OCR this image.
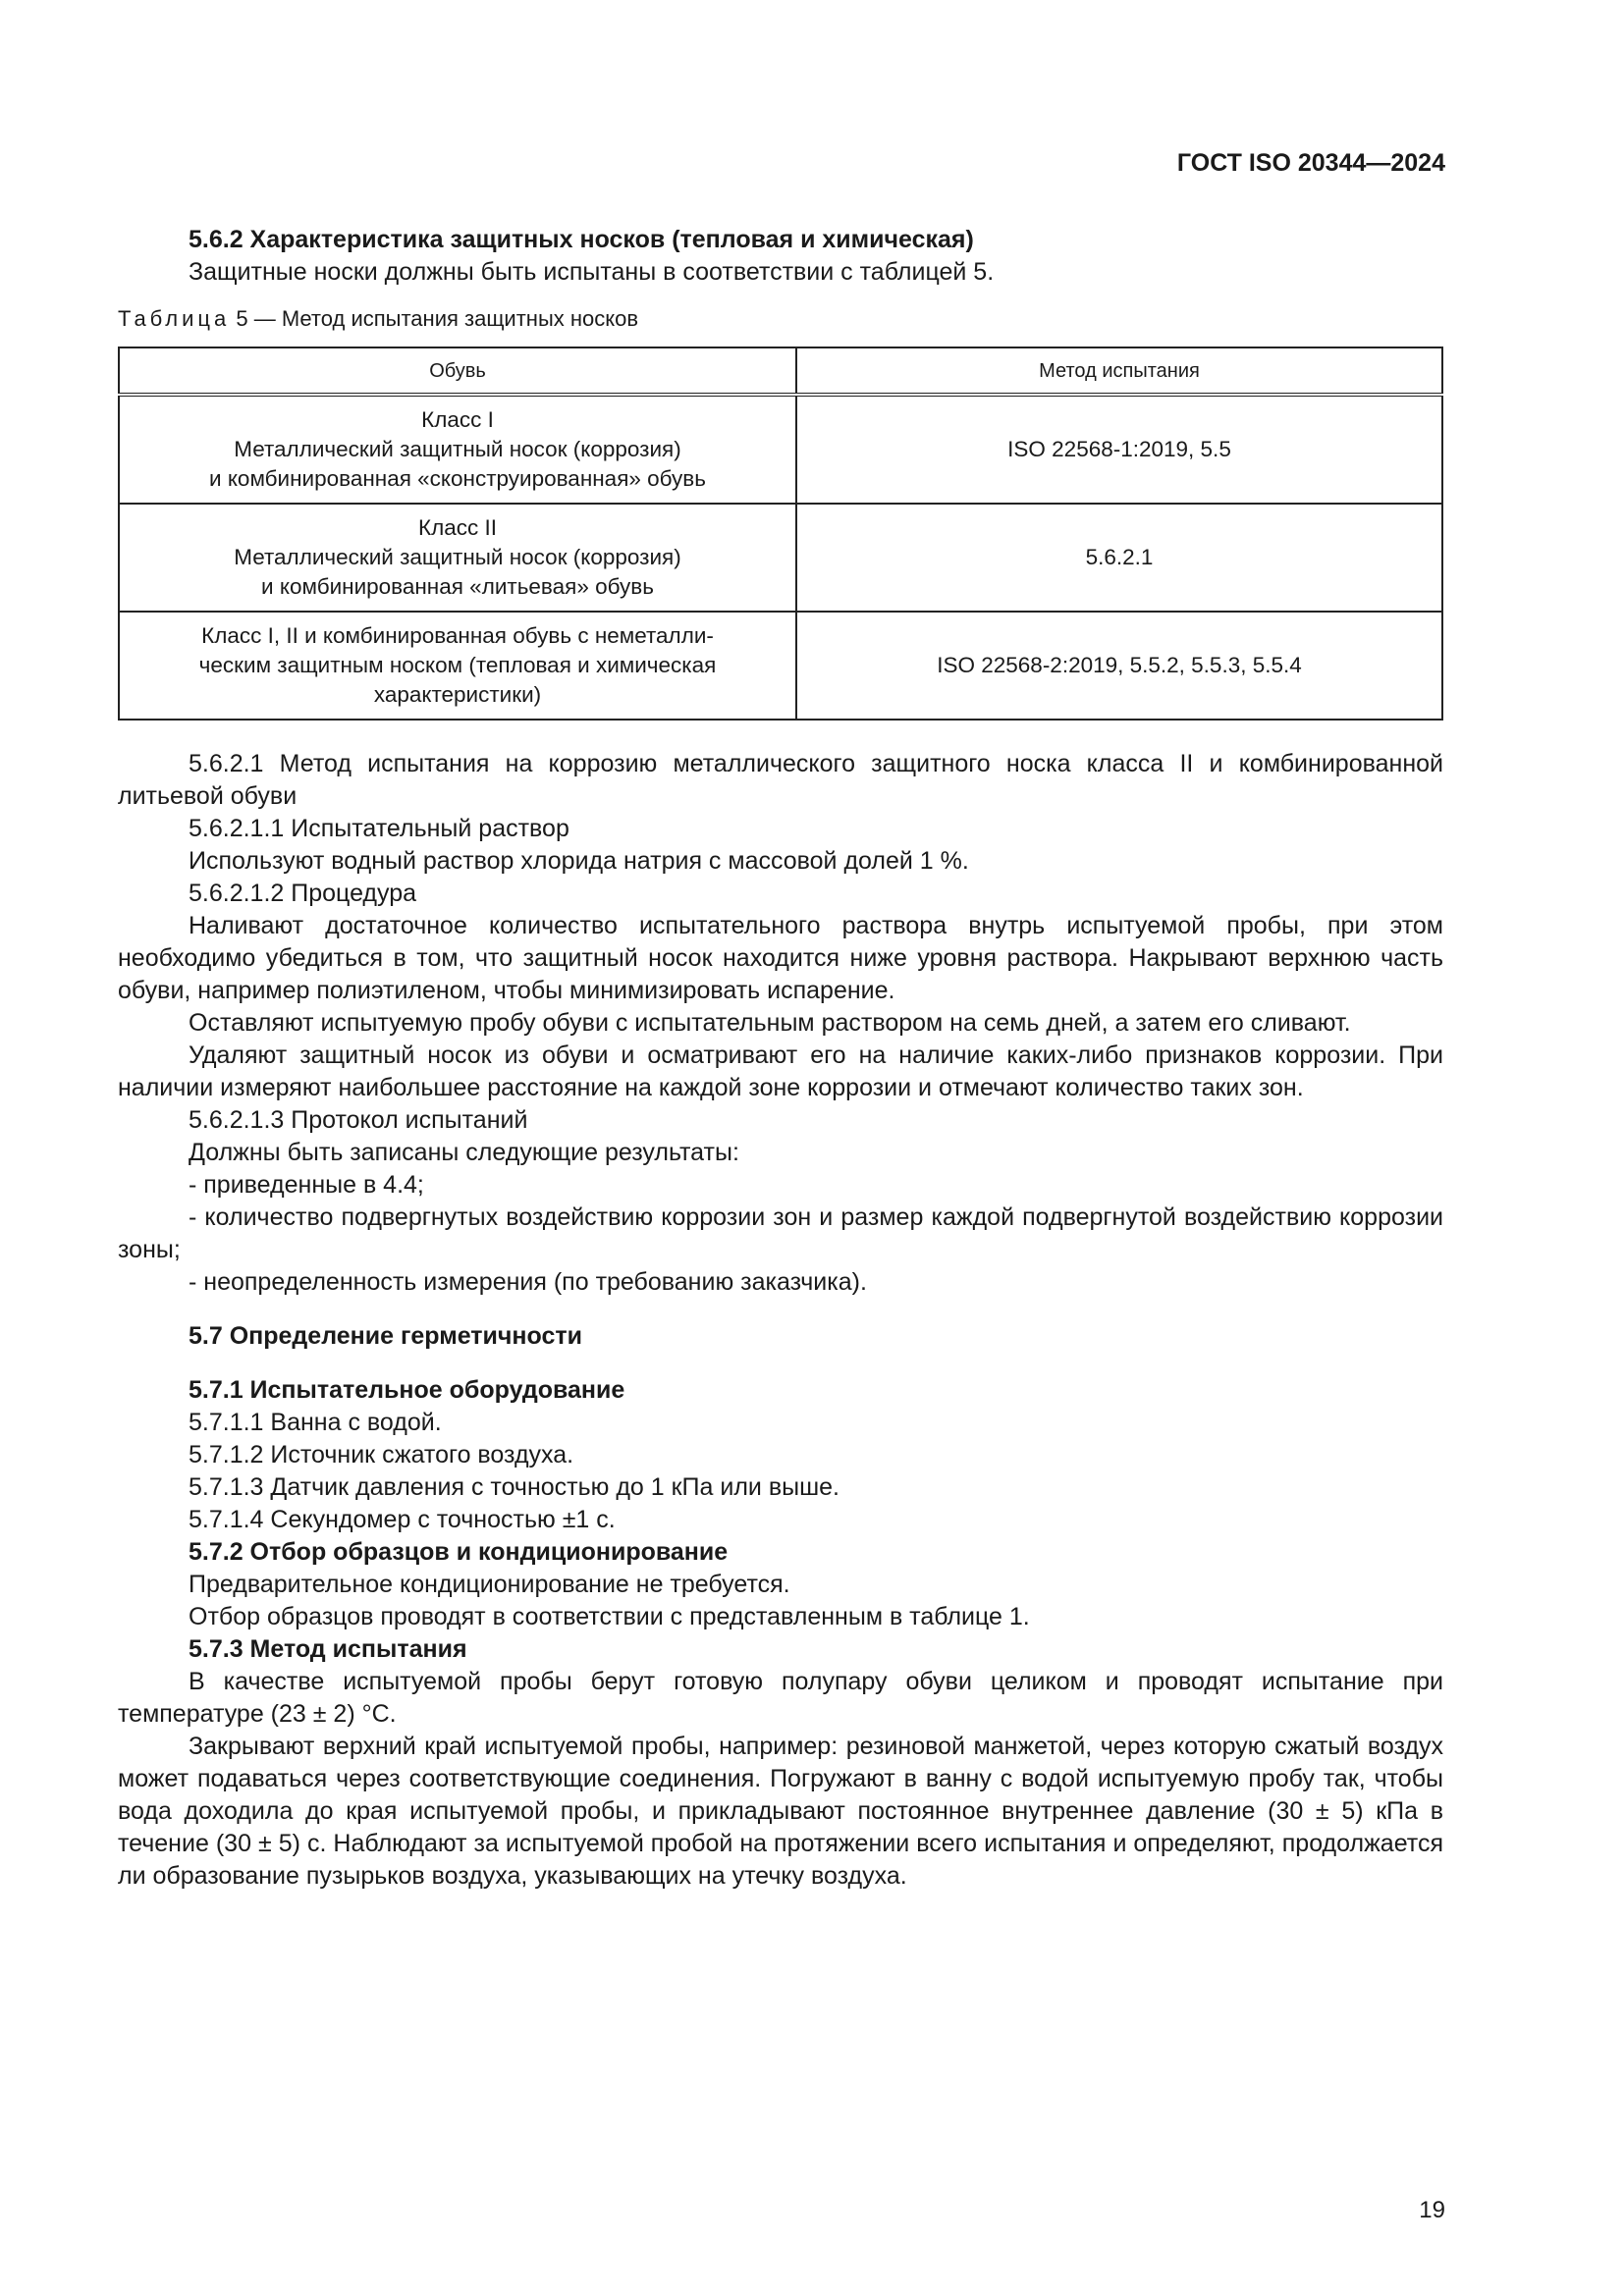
ГОСТ ISO 20344—2024

5.6.2 Характеристика защитных носков (тепловая и химическая)

Защитные носки должны быть испытаны в соответствии с таблицей 5.

Таблица 5 — Метод испытания защитных носков
Обувь	Метод испытания

Класс I
Металлический защитный носок (коррозия)
и комбинированная «сконструированная» обувь	ISO 22568-1:2019, 5.5

Класс II
Металлический защитный носок (коррозия)
и комбинированная «литьевая» обувь	5.6.2.1

Класс I, II и комбинированная обувь с неметалли-
ческим защитным носком (тепловая и химическая
характеристики)	ISO 22568-2:2019, 5.5.2, 5.5.3, 5.5.4

5.6.2.1 Метод испытания на коррозию металлического защитного носка класса II и комбинированной литьевой обуви

5.6.2.1.1 Испытательный раствор

Используют водный раствор хлорида натрия с массовой долей 1 %.

5.6.2.1.2 Процедура

Наливают достаточное количество испытательного раствора внутрь испытуемой пробы, при этом необходимо убедиться в том, что защитный носок находится ниже уровня раствора. Накрывают верхнюю часть обуви, например полиэтиленом, чтобы минимизировать испарение.

Оставляют испытуемую пробу обуви с испытательным раствором на семь дней, а затем его сливают.

Удаляют защитный носок из обуви и осматривают его на наличие каких-либо признаков коррозии. При наличии измеряют наибольшее расстояние на каждой зоне коррозии и отмечают количество таких зон.

5.6.2.1.3 Протокол испытаний

Должны быть записаны следующие результаты:

- приведенные в 4.4;

- количество подвергнутых воздействию коррозии зон и размер каждой подвергнутой воздействию коррозии зоны;

- неопределенность измерения (по требованию заказчика).

5.7 Определение герметичности

5.7.1 Испытательное оборудование

5.7.1.1 Ванна с водой.

5.7.1.2 Источник сжатого воздуха.

5.7.1.3 Датчик давления с точностью до 1 кПа или выше.

5.7.1.4 Секундомер с точностью ±1 с.

5.7.2 Отбор образцов и кондиционирование

Предварительное кондиционирование не требуется.

Отбор образцов проводят в соответствии с представленным в таблице 1.

5.7.3 Метод испытания

В качестве испытуемой пробы берут готовую полупару обуви целиком и проводят испытание при температуре (23 ± 2) °С.

Закрывают верхний край испытуемой пробы, например: резиновой манжетой, через которую сжатый воздух может подаваться через соответствующие соединения. Погружают в ванну с водой испытуемую пробу так, чтобы вода доходила до края испытуемой пробы, и прикладывают постоянное внутреннее давление (30 ± 5) кПа в течение (30 ± 5) с. Наблюдают за испытуемой пробой на протяжении всего испытания и определяют, продолжается ли образование пузырьков воздуха, указывающих на утечку воздуха.

19
